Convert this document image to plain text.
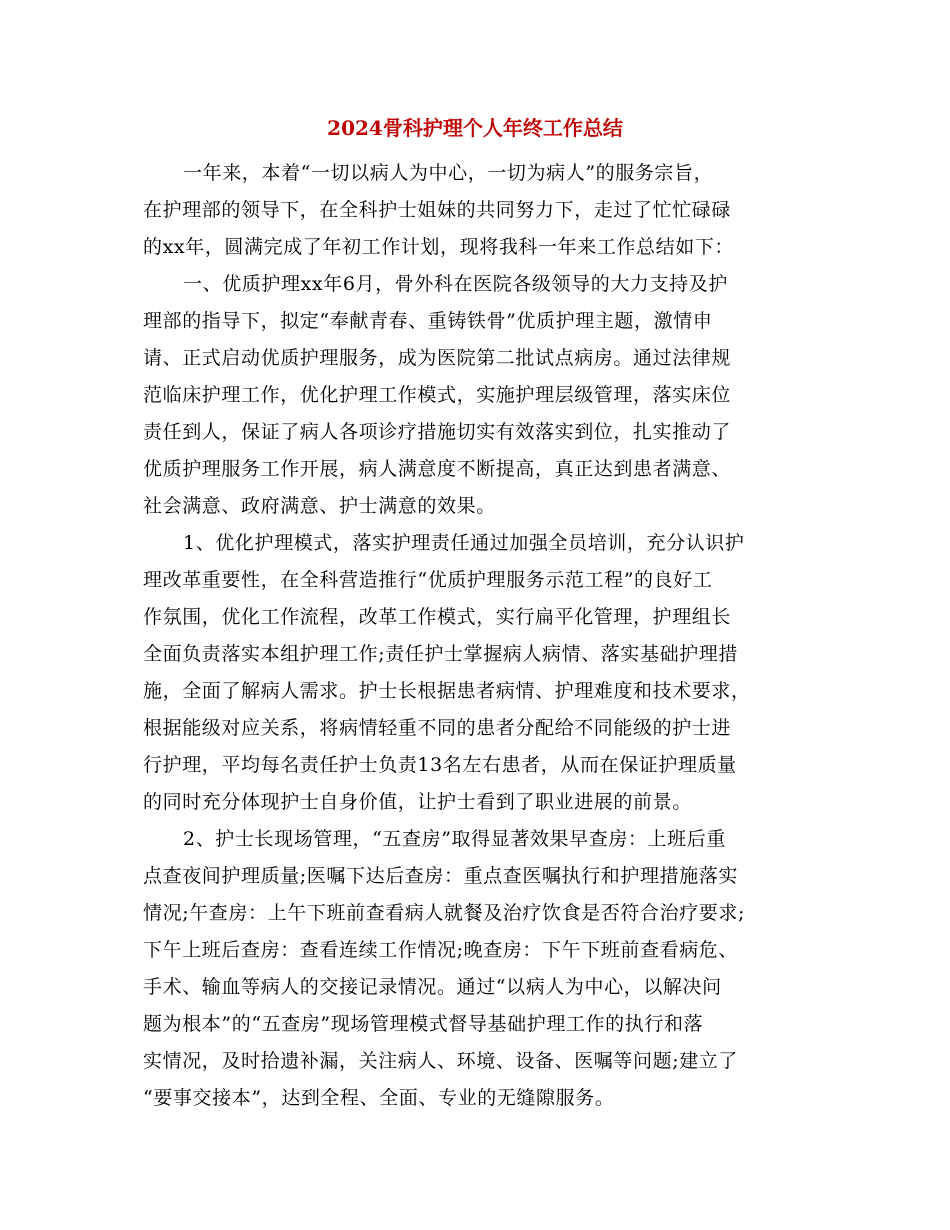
2024骨科护理个人年终工作总结
一年来，本着“一切以病人为中心，一切为病人”的服务宗旨，
在护理部的领导下，在全科护士姐妹的共同努力下，走过了忙忙碌碌
的xx年，圆满完成了年初工作计划，现将我科一年来工作总结如下：
一、优质护理xx年6月，骨外科在医院各级领导的大力支持及护
理部的指导下，拟定“奉献青春、重铸铁骨”优质护理主题，激情申
请、正式启动优质护理服务，成为医院第二批试点病房。通过法律规
范临床护理工作，优化护理工作模式，实施护理层级管理，落实床位
责任到人，保证了病人各项诊疗措施切实有效落实到位，扎实推动了
优质护理服务工作开展，病人满意度不断提高，真正达到患者满意、
社会满意、政府满意、护士满意的效果。
1、优化护理模式，落实护理责任通过加强全员培训，充分认识护
理改革重要性，在全科营造推行“优质护理服务示范工程”的良好工
作氛围，优化工作流程，改革工作模式，实行扁平化管理，护理组长
全面负责落实本组护理工作;责任护士掌握病人病情、落实基础护理措
施，全面了解病人需求。护士长根据患者病情、护理难度和技术要求，
根据能级对应关系，将病情轻重不同的患者分配给不同能级的护士进
行护理，平均每名责任护士负责13名左右患者，从而在保证护理质量
的同时充分体现护士自身价值，让护士看到了职业进展的前景。
2、护士长现场管理，“五查房”取得显著效果早查房：上班后重
点查夜间护理质量;医嘱下达后查房：重点查医嘱执行和护理措施落实
情况;午查房：上午下班前查看病人就餐及治疗饮食是否符合治疗要求;
下午上班后查房：查看连续工作情况;晚查房：下午下班前查看病危、
手术、输血等病人的交接记录情况。通过“以病人为中心，以解决问
题为根本”的“五查房”现场管理模式督导基础护理工作的执行和落
实情况，及时拾遗补漏，关注病人、环境、设备、医嘱等问题;建立了
“要事交接本”，达到全程、全面、专业的无缝隙服务。
